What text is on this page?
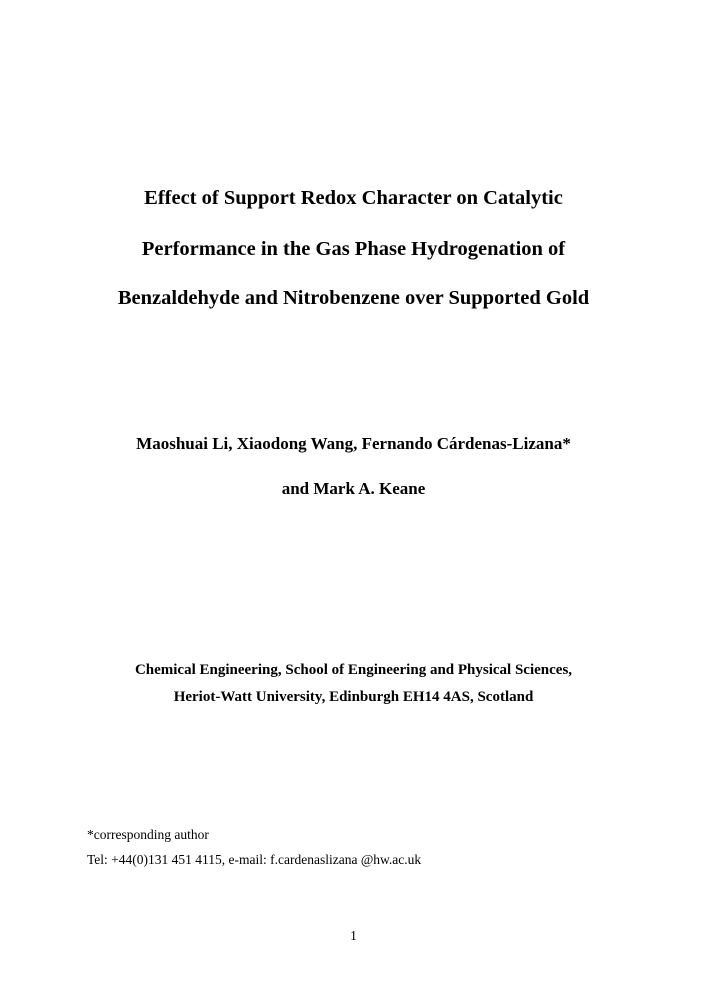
Effect of Support Redox Character on Catalytic
Performance in the Gas Phase Hydrogenation of
Benzaldehyde and Nitrobenzene over Supported Gold
Maoshuai Li, Xiaodong Wang, Fernando Cárdenas-Lizana*
and Mark A. Keane
Chemical Engineering, School of Engineering and Physical Sciences,
Heriot-Watt University, Edinburgh EH14 4AS, Scotland
*corresponding author
Tel: +44(0)131 451 4115, e-mail: f.cardenaslizana @hw.ac.uk
1
